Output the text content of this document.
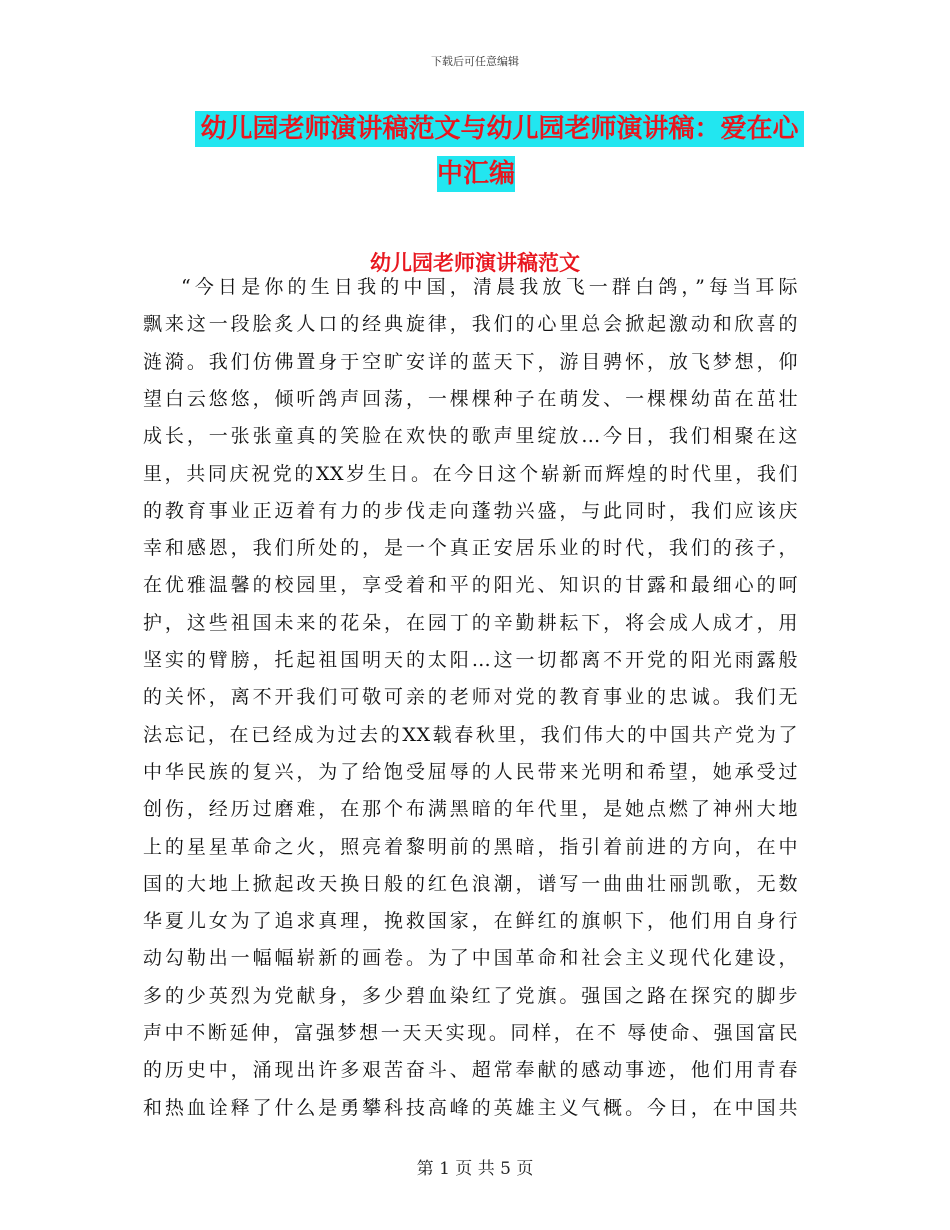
下载后可任意编辑
幼儿园老师演讲稿范文与幼儿园老师演讲稿：爱在心
中汇编
幼儿园老师演讲稿范文
“今日是你的生日我的中国，清晨我放飞一群白鸽，”每当耳际
飘来这一段脍炙人口的经典旋律，我们的心里总会掀起激动和欣喜的
涟漪。我们仿佛置身于空旷安详的蓝天下，游目骋怀，放飞梦想，仰
望白云悠悠，倾听鸽声回荡，一棵棵种子在萌发、一棵棵幼苗在茁壮
成长，一张张童真的笑脸在欢快的歌声里绽放…今日，我们相聚在这
里，共同庆祝党的XX岁生日。在今日这个崭新而辉煌的时代里，我们
的教育事业正迈着有力的步伐走向蓬勃兴盛，与此同时，我们应该庆
幸和感恩，我们所处的，是一个真正安居乐业的时代，我们的孩子，
在优雅温馨的校园里，享受着和平的阳光、知识的甘露和最细心的呵
护，这些祖国未来的花朵，在园丁的辛勤耕耘下，将会成人成才，用
坚实的臂膀，托起祖国明天的太阳…这一切都离不开党的阳光雨露般
的关怀，离不开我们可敬可亲的老师对党的教育事业的忠诚。我们无
法忘记，在已经成为过去的XX载春秋里，我们伟大的中国共产党为了
中华民族的复兴，为了给饱受屈辱的人民带来光明和希望，她承受过
创伤，经历过磨难，在那个布满黑暗的年代里，是她点燃了神州大地
上的星星革命之火，照亮着黎明前的黑暗，指引着前进的方向，在中
国的大地上掀起改天换日般的红色浪潮，谱写一曲曲壮丽凯歌，无数
华夏儿女为了追求真理，挽救国家，在鲜红的旗帜下，他们用自身行
动勾勒出一幅幅崭新的画卷。为了中国革命和社会主义现代化建设，
多的少英烈为党献身，多少碧血染红了党旗。强国之路在探究的脚步
声中不断延伸，富强梦想一天天实现。同样，在不 辱使命、强国富民
的历史中，涌现出许多艰苦奋斗、超常奉献的感动事迹，他们用青春
和热血诠释了什么是勇攀科技高峰的英雄主义气概。今日，在中国共
第 1 页 共 5 页
